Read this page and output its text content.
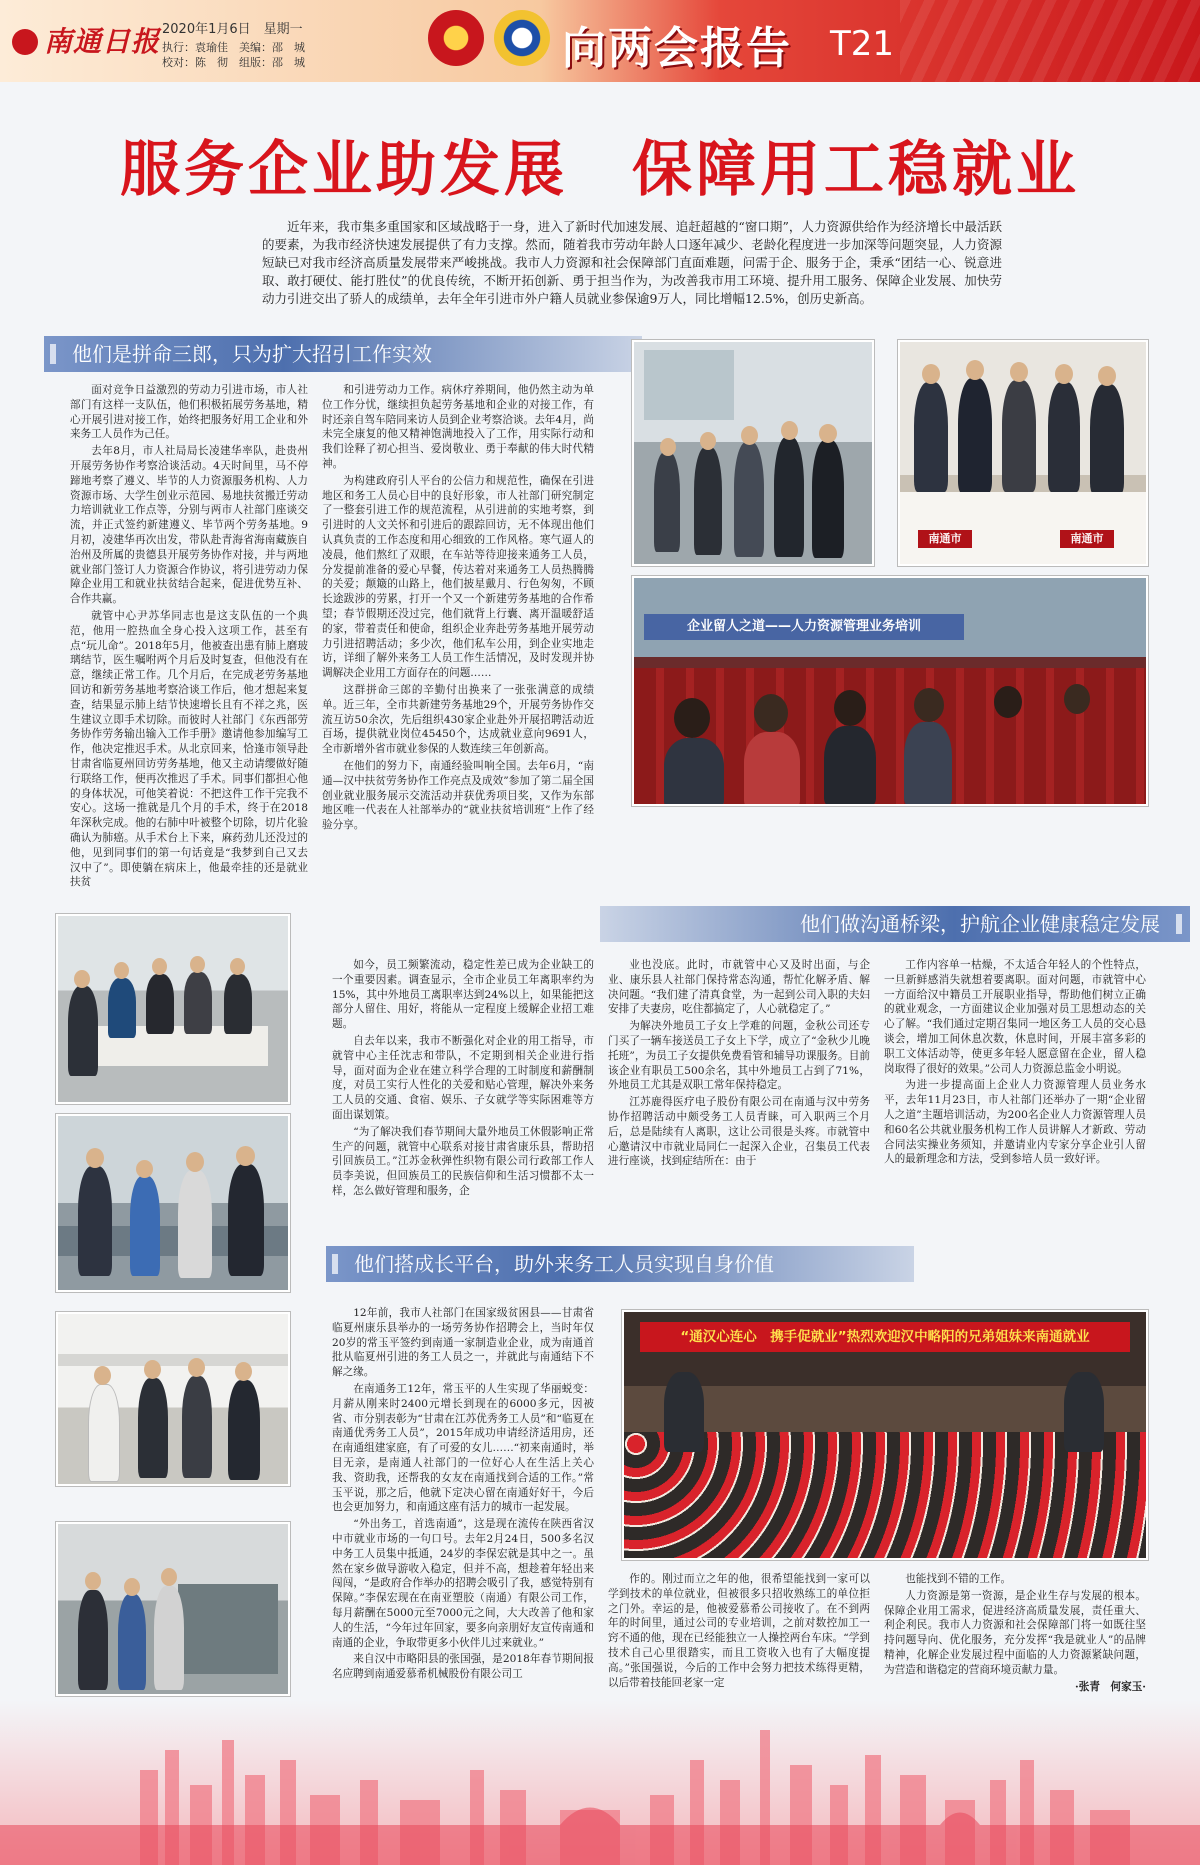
南通日报 2020年1月6日　星期一
执行：袁瑜佳　美编：邵　城
校对：陈　彻　组版：邵　城	向两会报告 T21
服务企业助发展　保障用工稳就业
近年来，我市集多重国家和区域战略于一身，进入了新时代加速发展、追赶超越的“窗口期”，人力资源供给作为经济增长中最活跃的要素，为我市经济快速发展提供了有力支撑。然而，随着我市劳动年龄人口逐年减少、老龄化程度进一步加深等问题突显，人力资源短缺已对我市经济高质量发展带来严峻挑战。我市人力资源和社会保障部门直面难题，问需于企、服务于企，秉承“团结一心、锐意进取、敢打硬仗、能打胜仗”的优良传统，不断开拓创新、勇于担当作为，为改善我市用工环境、提升用工服务、保障企业发展、加快劳动力引进交出了骄人的成绩单，去年全年引进市外户籍人员就业参保逾9万人，同比增幅12.5%，创历史新高。
他们是拼命三郎，只为扩大招引工作实效

面对竞争日益激烈的劳动力引进市场，市人社部门有这样一支队伍，他们积极拓展劳务基地，精心开展引进对接工作，始终把服务好用工企业和外来务工人员作为己任。

去年8月，市人社局局长凌建华率队，赴贵州开展劳务协作考察洽谈活动。4天时间里，马不停蹄地考察了遵义、毕节的人力资源服务机构、人力资源市场、大学生创业示范园、易地扶贫搬迁劳动力培训就业工作点等，分别与两市人社部门座谈交流，并正式签约新建遵义、毕节两个劳务基地。9月初，凌建华再次出发，带队赴青海省海南藏族自治州及所属的贵德县开展劳务协作对接，并与两地就业部门签订人力资源合作协议，将引进劳动力保障企业用工和就业扶贫结合起来，促进优势互补、合作共赢。

就管中心尹苏华同志也是这支队伍的一个典范，他用一腔热血全身心投入这项工作，甚至有点“玩儿命”。2018年5月，他被查出患有肺上磨玻璃结节，医生嘱咐两个月后及时复查，但他没有在意，继续正常工作。几个月后，在完成老劳务基地回访和新劳务基地考察洽谈工作后，他才想起来复查，结果显示肺上结节快速增长且有不祥之兆，医生建议立即手术切除。而彼时人社部门《东西部劳务协作劳务输出输入工作手册》邀请他参加编写工作，他决定推迟手术。从北京回来，恰逢市领导赴甘肃省临夏州回访劳务基地，他又主动请缨做好随行联络工作，便再次推迟了手术。同事们都担心他的身体状况，可他笑着说：不把这件工作干完我不安心。这场一推就是几个月的手术，终于在2018年深秋完成。他的右肺中叶被整个切除，切片化验确认为肺癌。从手术台上下来，麻药劲儿还没过的他，见到同事们的第一句话竟是“我梦到自己又去汉中了”。即使躺在病床上，他最牵挂的还是就业扶贫

和引进劳动力工作。病休疗养期间，他仍然主动为单位工作分忧，继续担负起劳务基地和企业的对接工作，有时还亲自驾车陪同来访人员到企业考察洽谈。去年4月，尚未完全康复的他又精神饱满地投入了工作，用实际行动和我们诠释了初心担当、爱岗敬业、勇于奉献的伟大时代精神。

为构建政府引人平台的公信力和规范性，确保在引进地区和务工人员心目中的良好形象，市人社部门研究制定了一整套引进工作的规范流程，从引进前的实地考察，到引进时的人文关怀和引进后的跟踪回访，无不体现出他们认真负责的工作态度和用心细致的工作风格。寒气逼人的凌晨，他们熬红了双眼，在车站等待迎接来通务工人员，分发提前准备的爱心早餐，传达着对来通务工人员热腾腾的关爱；颠簸的山路上，他们披星戴月、行色匆匆，不顾长途跋涉的劳累，打开一个又一个新建劳务基地的合作希望；春节假期还没过完，他们就背上行囊、离开温暖舒适的家，带着责任和使命，组织企业奔赴劳务基地开展劳动力引进招聘活动；多少次，他们私车公用，到企业实地走访，详细了解外来务工人员工作生活情况，及时发现并协调解决企业用工方面存在的问题……

这群拼命三郎的辛勤付出换来了一张张满意的成绩单。近三年，全市共新建劳务基地29个，开展劳务协作交流互访50余次，先后组织430家企业赴外开展招聘活动近百场，提供就业岗位45450个，达成就业意向9691人，全市新增外省市就业参保的人数连续三年创新高。

在他们的努力下，南通经验叫响全国。去年6月，“南通—汉中扶贫劳务协作工作亮点及成效”参加了第二届全国创业就业服务展示交流活动并获优秀项目奖，又作为东部地区唯一代表在人社部举办的“就业扶贫培训班”上作了经验分享。

南通市	南通市
企业留人之道——人力资源管理业务培训
他们做沟通桥梁，护航企业健康稳定发展

如今，员工频繁流动，稳定性差已成为企业缺工的一个重要因素。调查显示，全市企业员工年离职率约为15%，其中外地员工离职率达到24%以上，如果能把这部分人留住、用好，将能从一定程度上缓解企业招工难题。

自去年以来，我市不断强化对企业的用工指导，市就管中心主任沈志和带队，不定期到相关企业进行指导，面对面为企业在建立科学合理的工时制度和薪酬制度，对员工实行人性化的关爱和贴心管理，解决外来务工人员的交通、食宿、娱乐、子女就学等实际困难等方面出谋划策。

“为了解决我们春节期间大量外地员工休假影响正常生产的问题，就管中心联系对接甘肃省康乐县，帮助招引回族员工。”江苏金秋弹性织物有限公司行政部工作人员李美说，但回族员工的民族信仰和生活习惯都不太一样，怎么做好管理和服务，企

业也没底。此时，市就管中心又及时出面，与企业、康乐县人社部门保持常态沟通，帮忙化解矛盾、解决问题。“我们建了清真食堂，为一起到公司入职的夫妇安排了夫妻房，吃住都搞定了，人心就稳定了。”

为解决外地员工子女上学难的问题，金秋公司还专门买了一辆车接送员工子女上下学，成立了“金秋少儿晚托班”，为员工子女提供免费看管和辅导功课服务。目前该企业有职员工500余名，其中外地员工占到了71%，外地员工尤其是双职工常年保持稳定。

江苏鹿得医疗电子股份有限公司在南通与汉中劳务协作招聘活动中颇受务工人员青睐，可入职两三个月后，总是陆续有人离职，这让公司很是头疼。市就管中心邀请汉中市就业局同仁一起深入企业，召集员工代表进行座谈，找到症结所在：由于

工作内容单一枯燥，不太适合年轻人的个性特点，一旦新鲜感消失就想着要离职。面对问题，市就管中心一方面给汉中籍员工开展职业指导，帮助他们树立正确的就业观念，一方面建议企业加强对员工思想动态的关心了解。“我们通过定期召集同一地区务工人员的交心恳谈会，增加工间休息次数，休息时间，开展丰富多彩的职工文体活动等，使更多年轻人愿意留在企业，留人稳岗取得了很好的效果。”公司人力资源总监金小明说。

为进一步提高面上企业人力资源管理人员业务水平，去年11月23日，市人社部门还举办了一期“企业留人之道”主题培训活动，为200名企业人力资源管理人员和60名公共就业服务机构工作人员讲解人才新政、劳动合同法实操业务须知，并邀请业内专家分享企业引人留人的最新理念和方法，受到参培人员一致好评。

他们搭成长平台，助外来务工人员实现自身价值

12年前，我市人社部门在国家级贫困县——甘肃省临夏州康乐县举办的一场劳务协作招聘会上，当时年仅20岁的常玉平签约到南通一家制造业企业，成为南通首批从临夏州引进的务工人员之一，并就此与南通结下不解之缘。

在南通务工12年，常玉平的人生实现了华丽蜕变：月薪从刚来时2400元增长到现在的6000多元，因被省、市分别表彰为“甘肃在江苏优秀务工人员”和“临夏在南通优秀务工人员”，2015年成功申请经济适用房，还在南通组建家庭，有了可爱的女儿……“初来南通时，举目无亲，是南通人社部门的一位好心人在生活上关心我、资助我，还帮我的女友在南通找到合适的工作。”常玉平说，那之后，他就下定决心留在南通好好干，今后也会更加努力，和南通这座有活力的城市一起发展。

“外出务工，首选南通”，这是现在流传在陕西省汉中市就业市场的一句口号。去年2月24日，500多名汉中务工人员集中抵通，24岁的李保宏就是其中之一。虽然在家乡做导游收入稳定，但并不高，想趁着年轻出来闯闯，“是政府合作举办的招聘会吸引了我，感觉特别有保障。”李保宏现在在南亚塑胶（南通）有限公司工作，每月薪酬在5000元至7000元之间，大大改善了他和家人的生活，“今年过年回家，要多向亲朋好友宣传南通和南通的企业，争取带更多小伙伴儿过来就业。”

来自汉中市略阳县的张国强，是2018年春节期间报名应聘到南通爱慕希机械股份有限公司工

“通汉心连心　携手促就业”热烈欢迎汉中略阳的兄弟姐妹来南通就业

作的。刚过而立之年的他，很希望能找到一家可以学到技术的单位就业，但被很多只招收熟练工的单位拒之门外。幸运的是，他被爱慕希公司接收了。在不到两年的时间里，通过公司的专业培训，之前对数控加工一窍不通的他，现在已经能独立一人操控两台车床。“学到技术自己心里很踏实，而且工资收入也有了大幅度提高。”张国强说，今后的工作中会努力把技术练得更精，以后带着技能回老家一定

也能找到不错的工作。

人力资源是第一资源，是企业生存与发展的根本。保障企业用工需求，促进经济高质量发展，责任重大、利企利民。我市人力资源和社会保障部门将一如既往坚持问题导向、优化服务，充分发挥“我是就业人”的品牌精神，化解企业发展过程中面临的人力资源紧缺问题，为营造和谐稳定的营商环境贡献力量。

·张青　何家玉·
